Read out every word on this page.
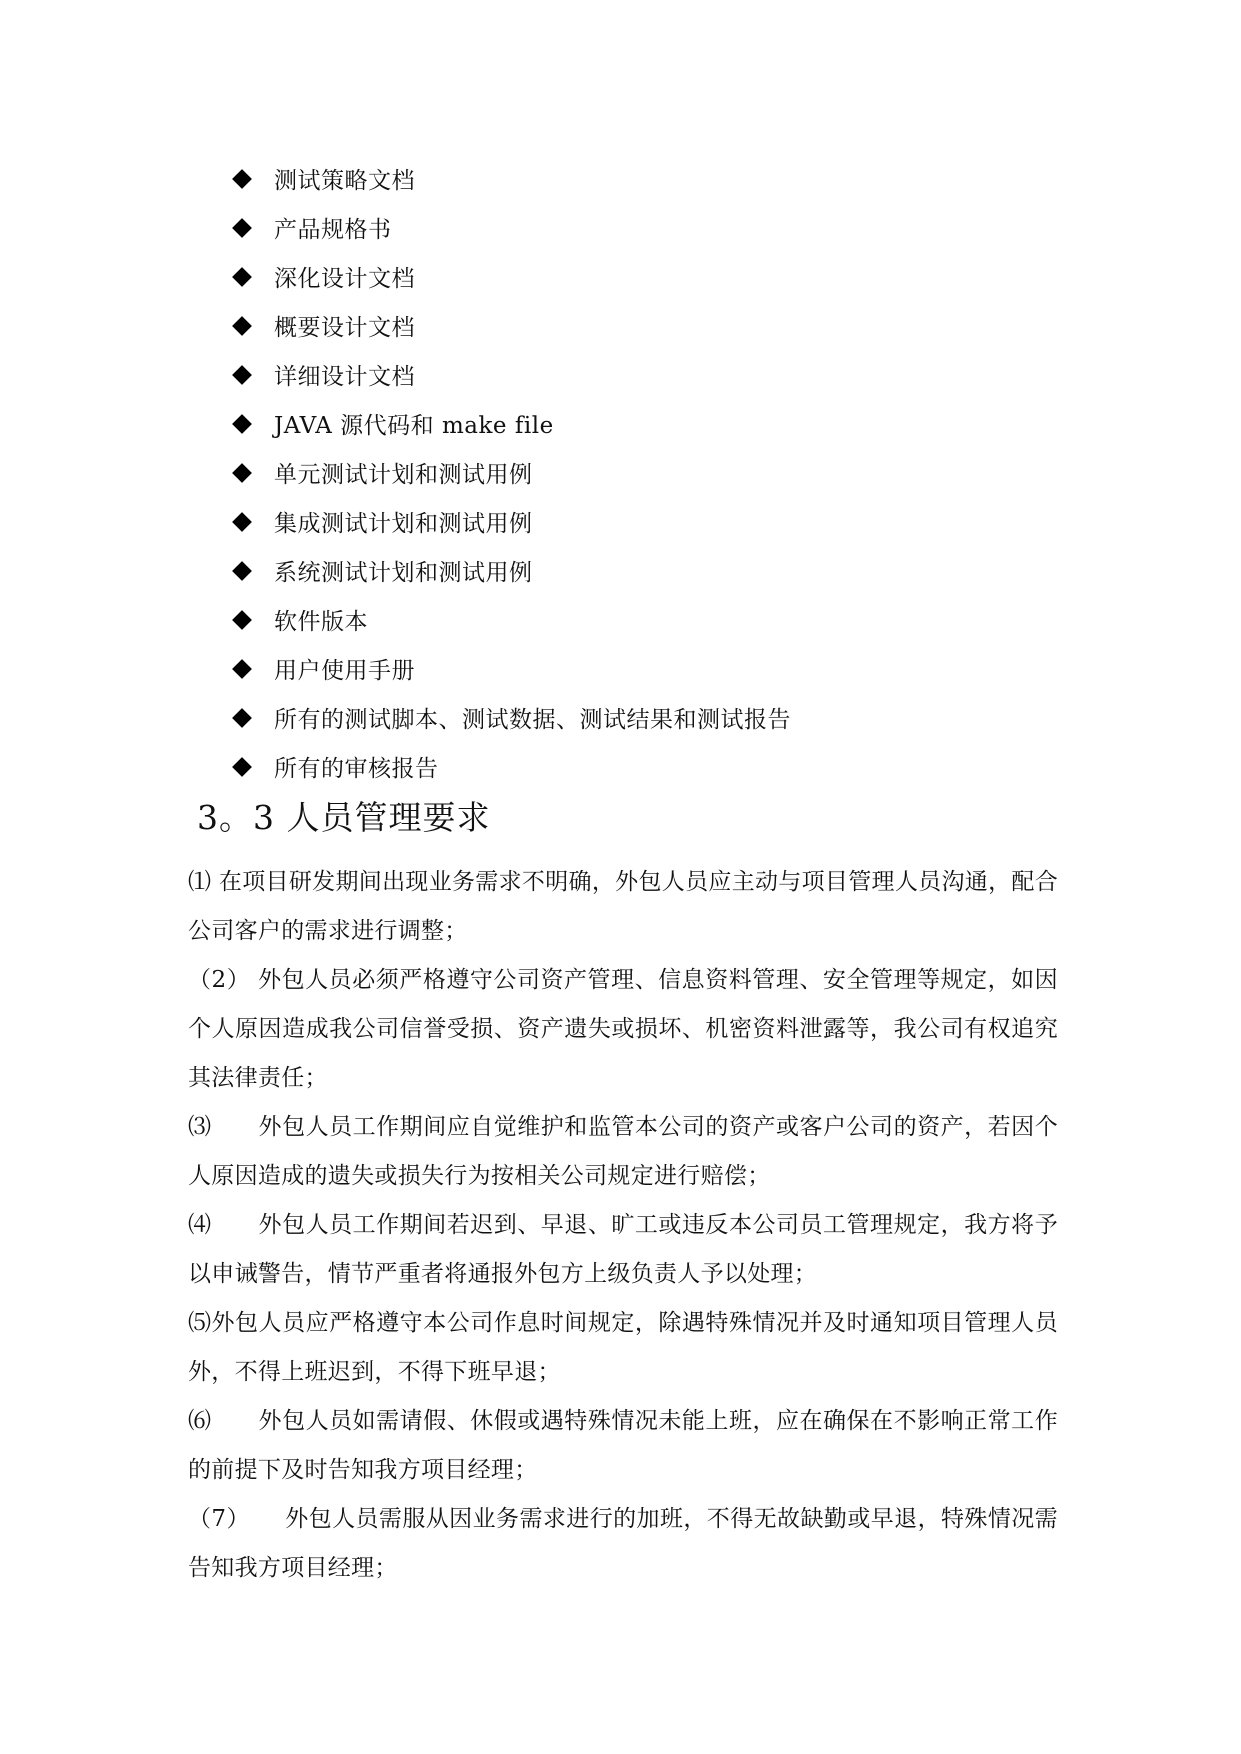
测试策略文档
产品规格书
深化设计文档
概要设计文档
详细设计文档
JAVA 源代码和 make file
单元测试计划和测试用例
集成测试计划和测试用例
系统测试计划和测试用例
软件版本
用户使用手册
所有的测试脚本、测试数据、测试结果和测试报告
所有的审核报告
3。3 人员管理要求

⑴ 在项目研发期间出现业务需求不明确，外包人员应主动与项目管理人员沟通，配合公司客户的需求进行调整；

（2） 外包人员必须严格遵守公司资产管理、信息资料管理、安全管理等规定，如因个人原因造成我公司信誉受损、资产遗失或损坏、机密资料泄露等，我公司有权追究其法律责任；

⑶　　外包人员工作期间应自觉维护和监管本公司的资产或客户公司的资产，若因个人原因造成的遗失或损失行为按相关公司规定进行赔偿；

⑷　　外包人员工作期间若迟到、早退、旷工或违反本公司员工管理规定，我方将予以申诫警告，情节严重者将通报外包方上级负责人予以处理；

⑸外包人员应严格遵守本公司作息时间规定，除遇特殊情况并及时通知项目管理人员外，不得上班迟到，不得下班早退；

⑹　　外包人员如需请假、休假或遇特殊情况未能上班，应在确保在不影响正常工作的前提下及时告知我方项目经理；

（7）　　外包人员需服从因业务需求进行的加班，不得无故缺勤或早退，特殊情况需告知我方项目经理；
